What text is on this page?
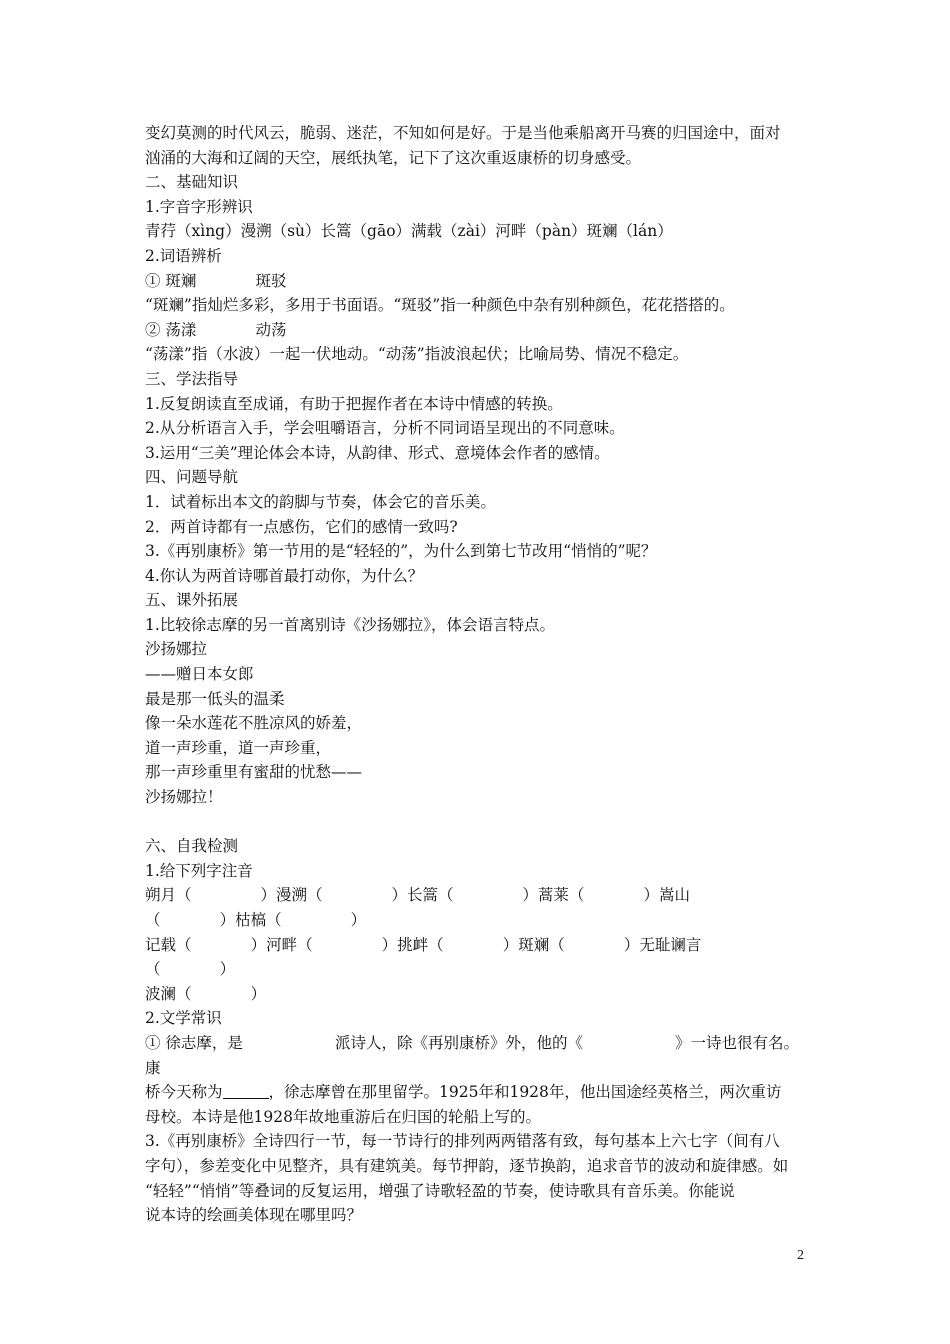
变幻莫测的时代风云，脆弱、迷茫，不知如何是好。于是当他乘船离开马赛的归国途中，面对

汹涌的大海和辽阔的天空，展纸执笔，记下了这次重返康桥的切身感受。

二、基础知识

1.字音字形辨识

青荇（xìng）漫溯（sù）长篙（gāo）满载（zài）河畔（pàn）斑斓（lán）

2.词语辨析

① 斑斓            斑驳

“斑斓”指灿烂多彩，多用于书面语。“斑驳”指一种颜色中杂有别种颜色，花花搭搭的。

② 荡漾            动荡

“荡漾”指（水波）一起一伏地动。“动荡”指波浪起伏；比喻局势、情况不稳定。

三、学法指导

1.反复朗读直至成诵，有助于把握作者在本诗中情感的转换。

2.从分析语言入手，学会咀嚼语言，分析不同词语呈现出的不同意味。

3.运用“三美”理论体会本诗，从韵律、形式、意境体会作者的感情。

四、问题导航

1．试着标出本文的韵脚与节奏，体会它的音乐美。

2．两首诗都有一点感伤，它们的感情一致吗?

3.《再别康桥》第一节用的是“轻轻的”，为什么到第七节改用“悄悄的”呢？

4.你认为两首诗哪首最打动你，为什么？

五、课外拓展

1.比较徐志摩的另一首离别诗《沙扬娜拉》，体会语言特点。

沙扬娜拉

——赠日本女郎

最是那一低头的温柔

像一朵水莲花不胜凉风的娇羞，

道一声珍重，道一声珍重，

那一声珍重里有蜜甜的忧愁——

沙扬娜拉！

六、自我检测

1.给下列字注音

朔月（              ）漫溯（              ）长篙（              ）蒿莱（            ）嵩山

（            ）枯槁（              ）

记载（            ）河畔（              ）挑衅（            ）斑斓（            ）无耻谰言

（            ）

波澜（            ）

2.文学常识

① 徐志摩，是	派诗人，除《再别康桥》外，他的《	》一诗也很有名。康

桥今天称为	，徐志摩曾在那里留学。1925年和1928年，他出国途经英格兰，两次重访

母校。本诗是他1928年故地重游后在归国的轮船上写的。

3.《再别康桥》全诗四行一节，每一节诗行的排列两两错落有致，每句基本上六七字（间有八

字句），参差变化中见整齐，具有建筑美。每节押韵，逐节换韵，追求音节的波动和旋律感。如

“轻轻”“悄悄”等叠词的反复运用，增强了诗歌轻盈的节奏，使诗歌具有音乐美。你能说

说本诗的绘画美体现在哪里吗？

2
